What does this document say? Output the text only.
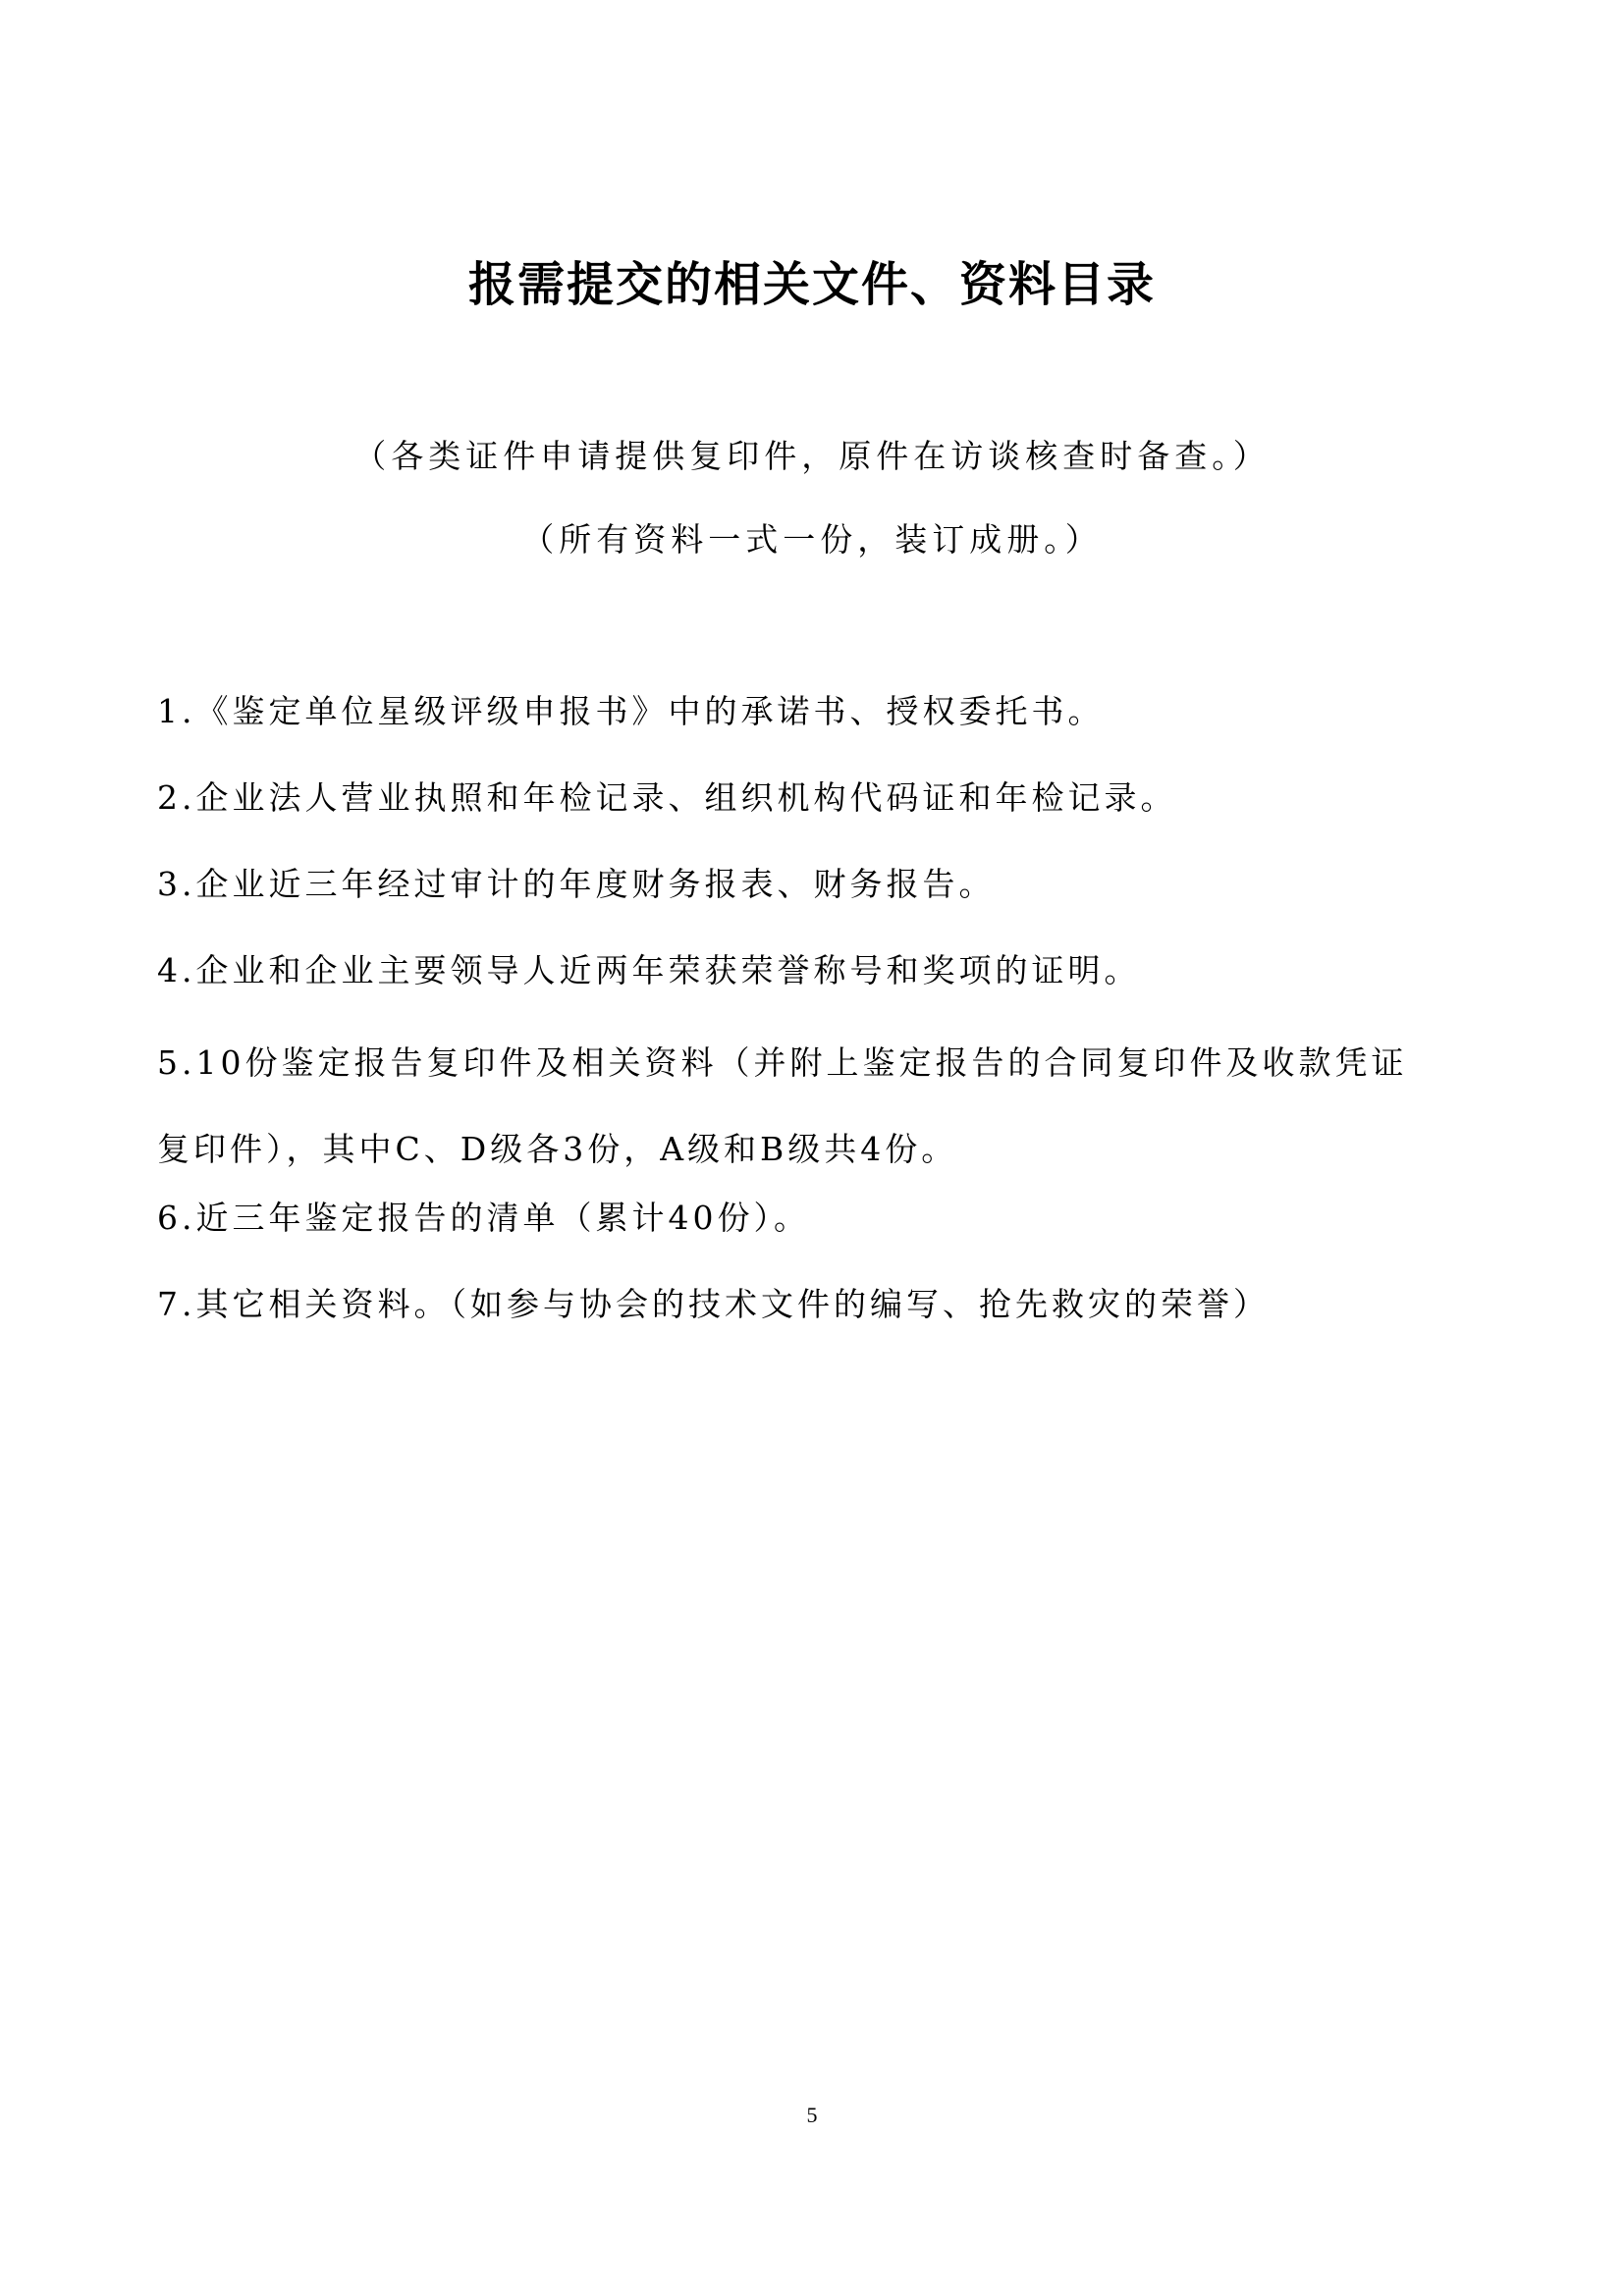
报需提交的相关文件、资料目录

（各类证件申请提供复印件，原件在访谈核查时备查。）

（所有资料一式一份，装订成册。）

1.《鉴定单位星级评级申报书》中的承诺书、授权委托书。
2.企业法人营业执照和年检记录、组织机构代码证和年检记录。
3.企业近三年经过审计的年度财务报表、财务报告。
4.企业和企业主要领导人近两年荣获荣誉称号和奖项的证明。
5.10份鉴定报告复印件及相关资料（并附上鉴定报告的合同复印件及收款凭证
复印件），其中C、D级各3份，A级和B级共4份。
6.近三年鉴定报告的清单（累计40份）。
7.其它相关资料。（如参与协会的技术文件的编写、抢先救灾的荣誉）

5
